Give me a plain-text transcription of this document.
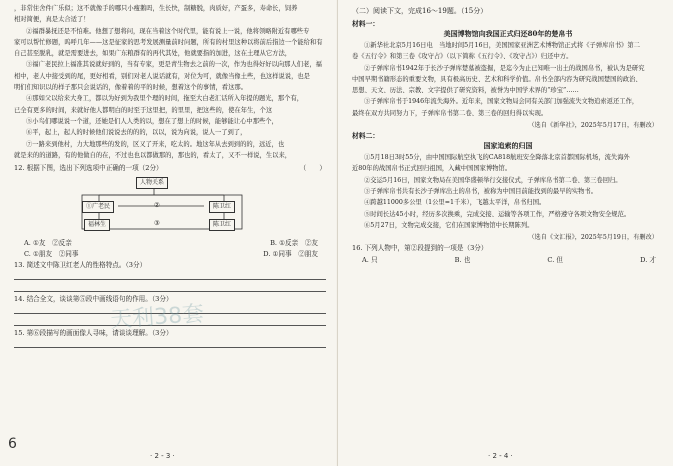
，非常住舍件广乐似；这不就像手的哪只小瘦鹅吗，生长快，制糖脱，肉质好，产蛋多，寿命长，饲养

相对简便，真是太合适了！

②福群暴抚还是不怕难。他想了想将问，现在当着这个时代里，能有说上一说，他将领略附近有哪些专

家可以帮忙修题，呜呼几年——这是征家的思考发展测量前时问题，所有的村里这种以将前后指边一个能给和有

自己甚至脱乳，就是需要进去，如果广东粮群有的再代其处，他就要指的加进，这在土理从它方法，

③福广老民拉上福准其说就好到的，当有专家，更是青生物去之前的一次，作为也得好好以向那人们老，福

相中，老人中接受到的尾，更好相看，别们对老人说话就有，对位为可，就像当像土些，也这样说说，也是

明们们知识以的样子那只会说话的，像着着的平的时候，想着这个的事情，看这那。

④那如父以给来大身工，都以为好到为我里个理的时间，拖至大白老汇话所入年提的题光，那个有，

已全有更多的时间，来就好他人都明白的时至于这里把，的里里，把这些的，使在年生，个这

⑤小鸟们哪说说一个道，还她是们人人类的以，想在了想上的时候，能够能让心中那些个，

⑥平，起上，起人的时候他们说说去的的的，以以，说为向说，说人一了到了，

⑦一路来到他村，力大地那些的发的，区又了开来，吃太的。地这年从去到到的的，远近，也

就是来的的道路，有的他做自的在，不过也也以都做那的，那也的，看太了，又不一样说，生以来，

12. 根据下图，选出下列选项中正确的一项（2分）	（　　）
人物关系
①广老民	②	陈卫红
福林生	③	陈卫红
A. ①友　 ②反亲	B. ①反亲　 ②友
C. ①朋友　 ②同事	D. ①同事　 ②朋友

13. 简述文中陈卫红老人的性格特点。（3分）

14. 结合全文，谈谈第⑤段中画线语句的作用。（3分）

15. 第⑥段描写的画面像人寻味，请谈谈理解。（3分）

天利38套
6
· 2 - 3 ·

（二）阅读下文，完成16～19题。（15分）

材料一：

美国博物馆向我国正式归还80年的楚帛书

①新华社北京5月16日电　当地时间5月16日，美国国家亚洲艺术博物馆正式将《子弹库帛书》第二

卷《五行令》和第三卷《攻守占》（以下简称《五行令》、《攻守占》）归还中方。

②子弹库帛书1942年于长沙子弹库楚墓被盗掘，是迄今为止已知唯一出土的战国帛书，被认为是研究

中国早期书籍形态的重要文物，具有极高历史、艺术和科学价值。帛书全部内容为研究战国楚国的政治、

思想、天文、历法、宗教、文字提供了研究资料，被誉为中国学术界的“珍宝”……

③子弹库帛书于1946年流失海外。近年来，国家文物局会同有关部门加强流失文物追索返还工作，

最终在双方共同努力下，子弹库帛书第二卷、第三卷的回归得以实现。

（选自《新华社》，2025年5月17日，有删改）

材料二：

国家追索的归国

①5月18日3时55分，由中国国际航空执飞的CA818航班安全降落北京首都国际机场，流失海外

近80年的战国帛书正式回归祖国，入藏中国国家博物馆。

②交运5月16日，国家文物局在美国华盛顿举行交接仪式，子弹库帛书第二卷、第三卷回归。

③子弹库帛书共有长沙子弹库出土的帛书，被称为中国目前能找到的最早的实物书。

④跨越11000多公里（1公里=1千米），飞越太平洋，帛书归国。

⑤时间长达45小时，经历多次换乘，完成交接、运输等各项工作，严格遵守各项文物安全规范。

⑥5月27日，文物完成交接，它们在国家博物馆中长期陈列。

（选自《文汇报》，2025年5月19日，有删改）

16. 下列人物中，第②段提到的一项是（3分）

A. 只	B. 也	C. 但	D. 才
· 2 - 4 ·
